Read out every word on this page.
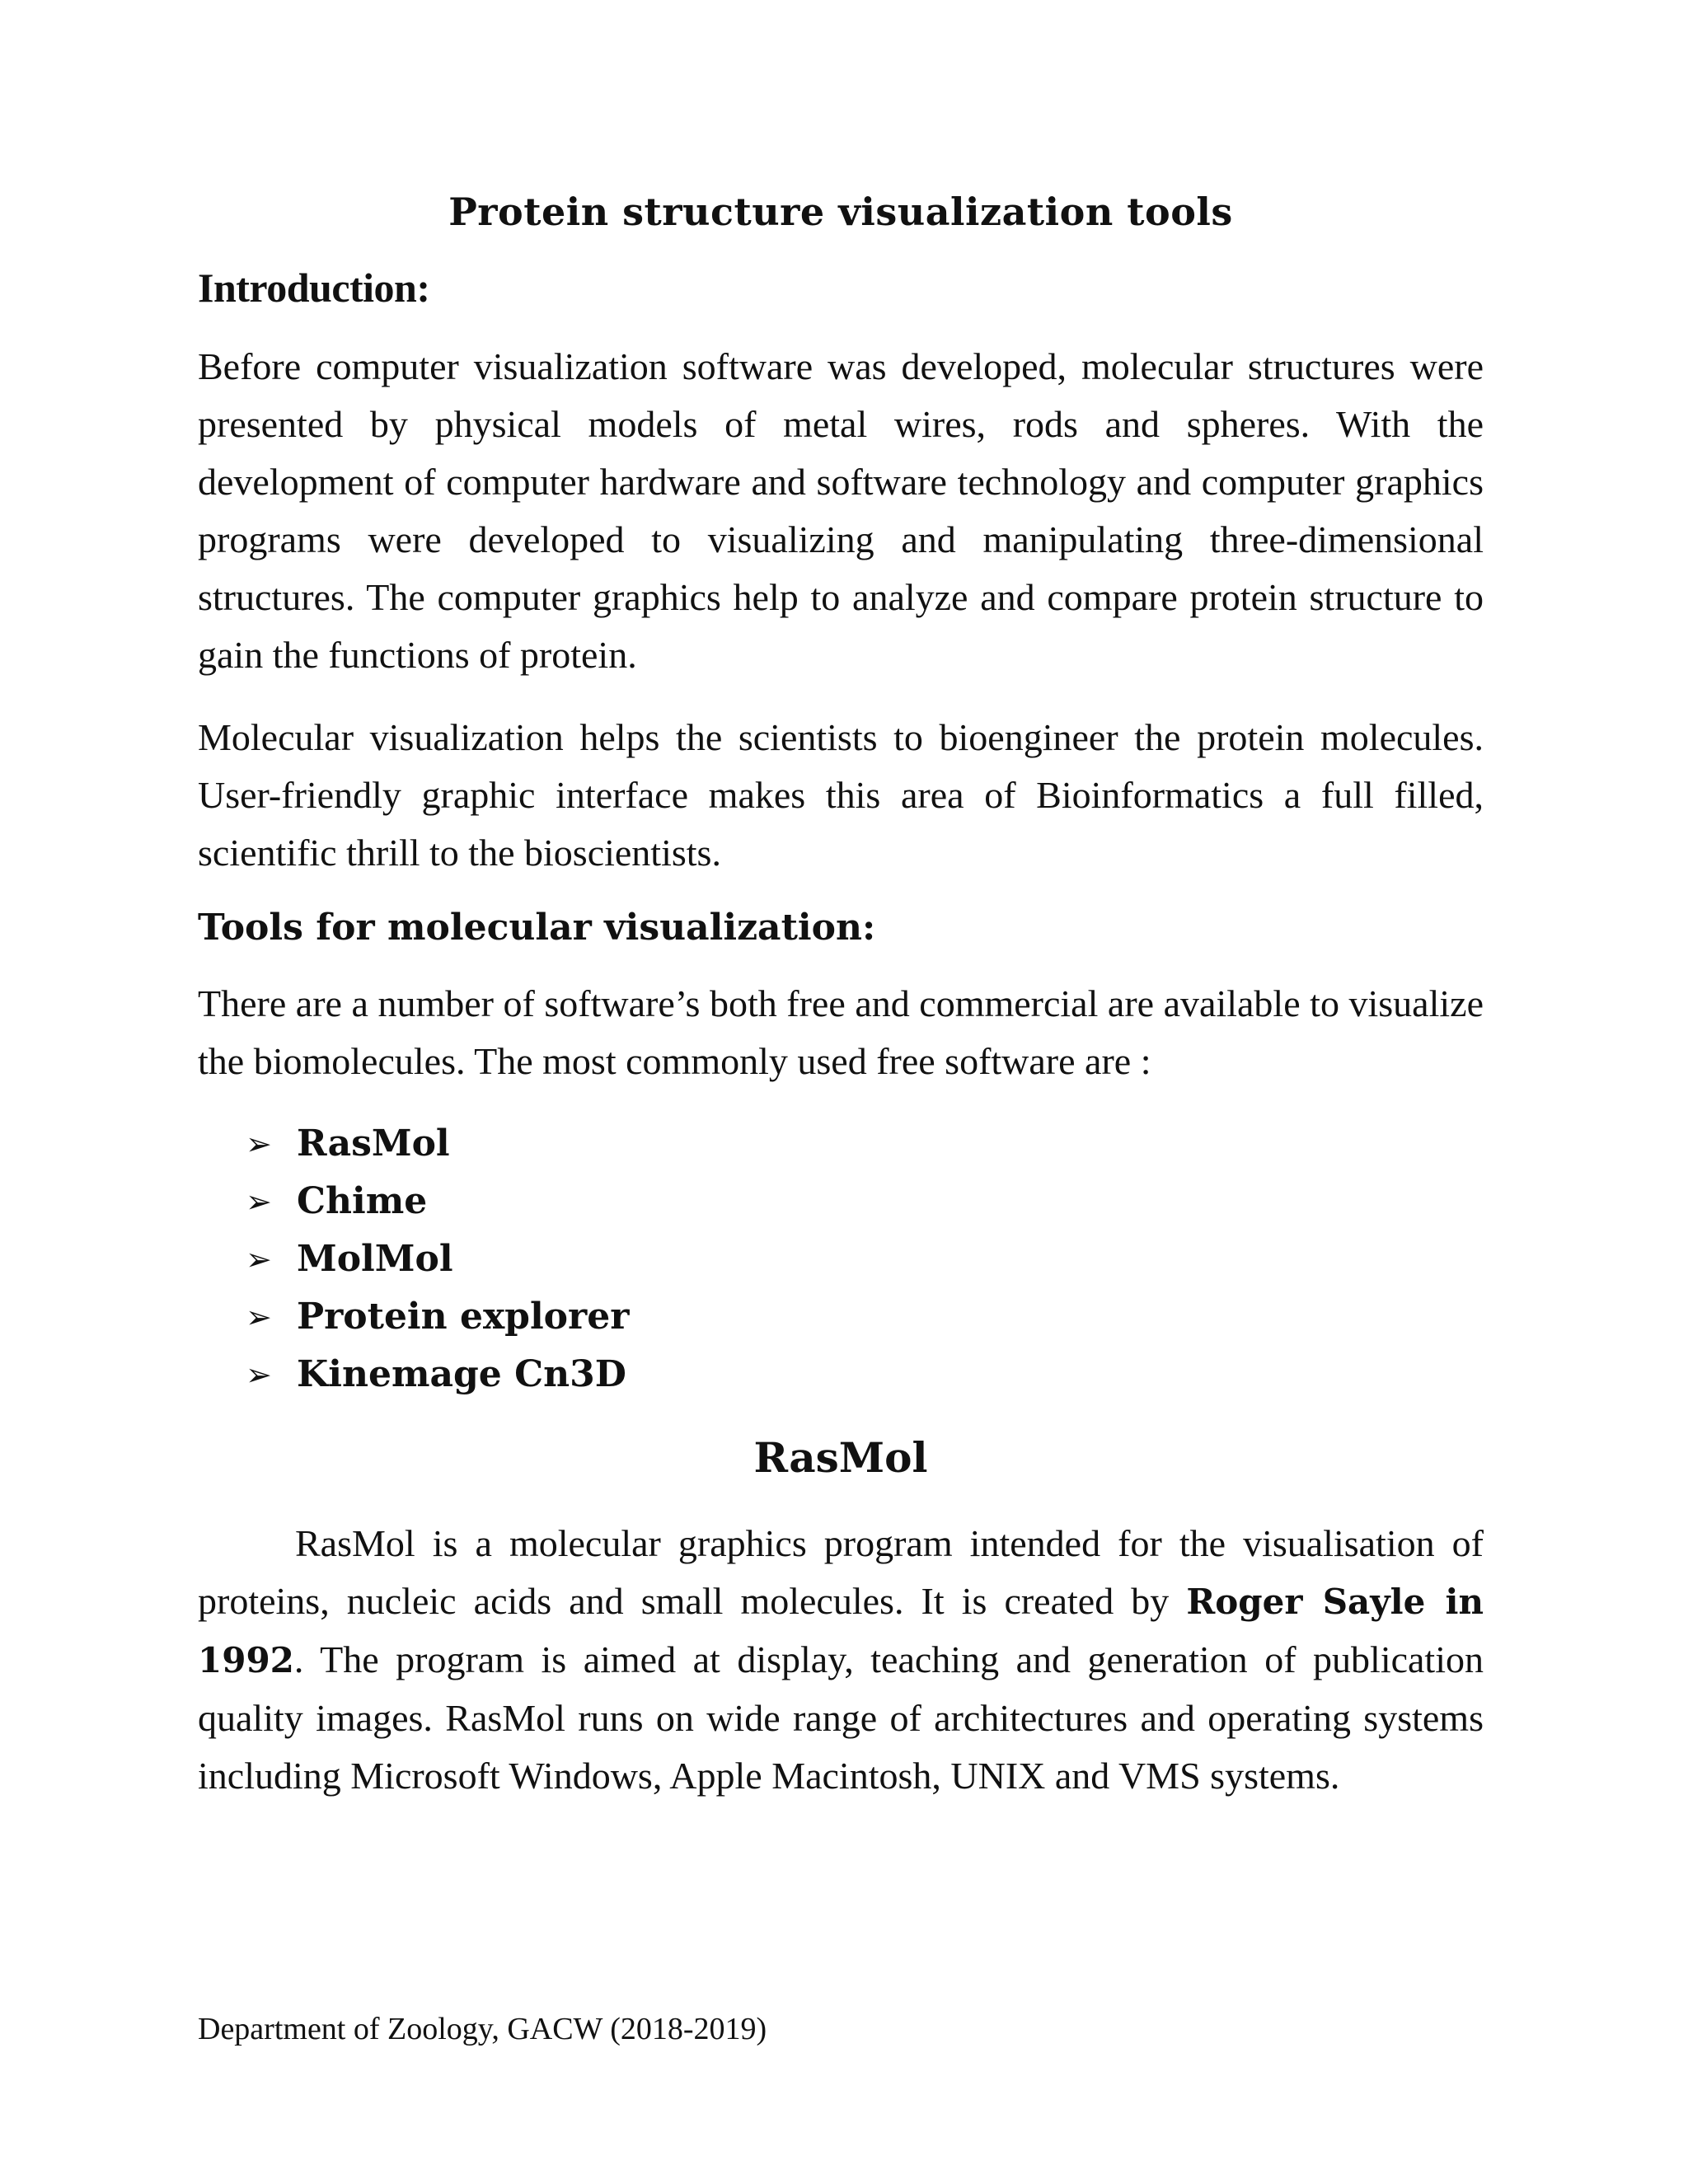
Protein structure visualization tools
Introduction:

Before computer visualization software was developed, molecular structures were presented by physical models of metal wires, rods and spheres. With the development of computer hardware and software technology and computer graphics programs were developed to visualizing and manipulating three-dimensional structures. The computer graphics help to analyze and compare protein structure to gain the functions of protein.

Molecular visualization helps the scientists to bioengineer the protein molecules. User-friendly graphic interface makes this area of Bioinformatics a full filled, scientific thrill to the bioscientists.

Tools for molecular visualization:

There are a number of software’s both free and commercial are available to visualize the biomolecules. The most commonly used free software are :

➢ RasMol
➢ Chime
➢ MolMol
➢ Protein explorer
➢ Kinemage Cn3D
RasMol

RasMol is a molecular graphics program intended for the visualisation of proteins, nucleic acids and small molecules. It is created by Roger Sayle in 1992. The program is aimed at display, teaching and generation of publication quality images. RasMol runs on wide range of architectures and operating systems including Microsoft Windows, Apple Macintosh, UNIX and VMS systems.

Department of Zoology, GACW (2018-2019)
